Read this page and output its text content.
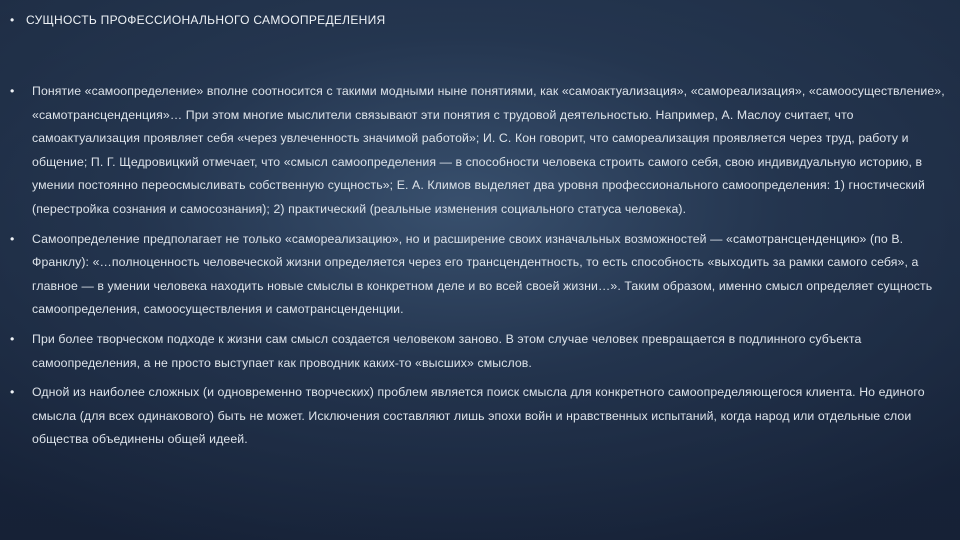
• СУЩНОСТЬ ПРОФЕССИОНАЛЬНОГО САМООПРЕДЕЛЕНИЯ
•	Понятие «самоопределение» вполне соотносится с такими модными ныне понятиями, как «самоактуализация», «самореализация», «самоосуществление», «самотрансценденция»… При этом многие мыслители связывают эти понятия с трудовой деятельностью. Например, А. Маслоу считает, что самоактуализация проявляет себя «через увлеченность значимой работой»; И. С. Кон говорит, что самореализация проявляется через труд, работу и общение; П. Г. Щедровицкий отмечает, что «смысл самоопределения — в способности человека строить самого себя, свою индивидуальную историю, в умении постоянно переосмысливать собственную сущность»; Е. А. Климов выделяет два уровня профессионального самоопределения: 1) гностический (перестройка сознания и самосознания); 2) практический (реальные изменения социального статуса человека).
•	Самоопределение предполагает не только «самореализацию», но и расширение своих изначальных возможностей — «самотрансценденцию» (по В. Франклу): «…полноценность человеческой жизни определяется через его трансцендентность, то есть способность «выходить за рамки самого себя», а главное — в умении человека находить новые смыслы в конкретном деле и во всей своей жизни…». Таким образом, именно смысл определяет сущность самоопределения, самоосуществления и самотрансценденции.
•	При более творческом подходе к жизни сам смысл создается человеком заново. В этом случае человек превращается в подлинного субъекта самоопределения, а не просто выступает как проводник каких-то «высших» смыслов.
•	Одной из наиболее сложных (и одновременно творческих) проблем является поиск смысла для конкретного самоопределяющегося клиента. Но единого смысла (для всех одинакового) быть не может. Исключения составляют лишь эпохи войн и нравственных испытаний, когда народ или отдельные слои общества объединены общей идеей.
